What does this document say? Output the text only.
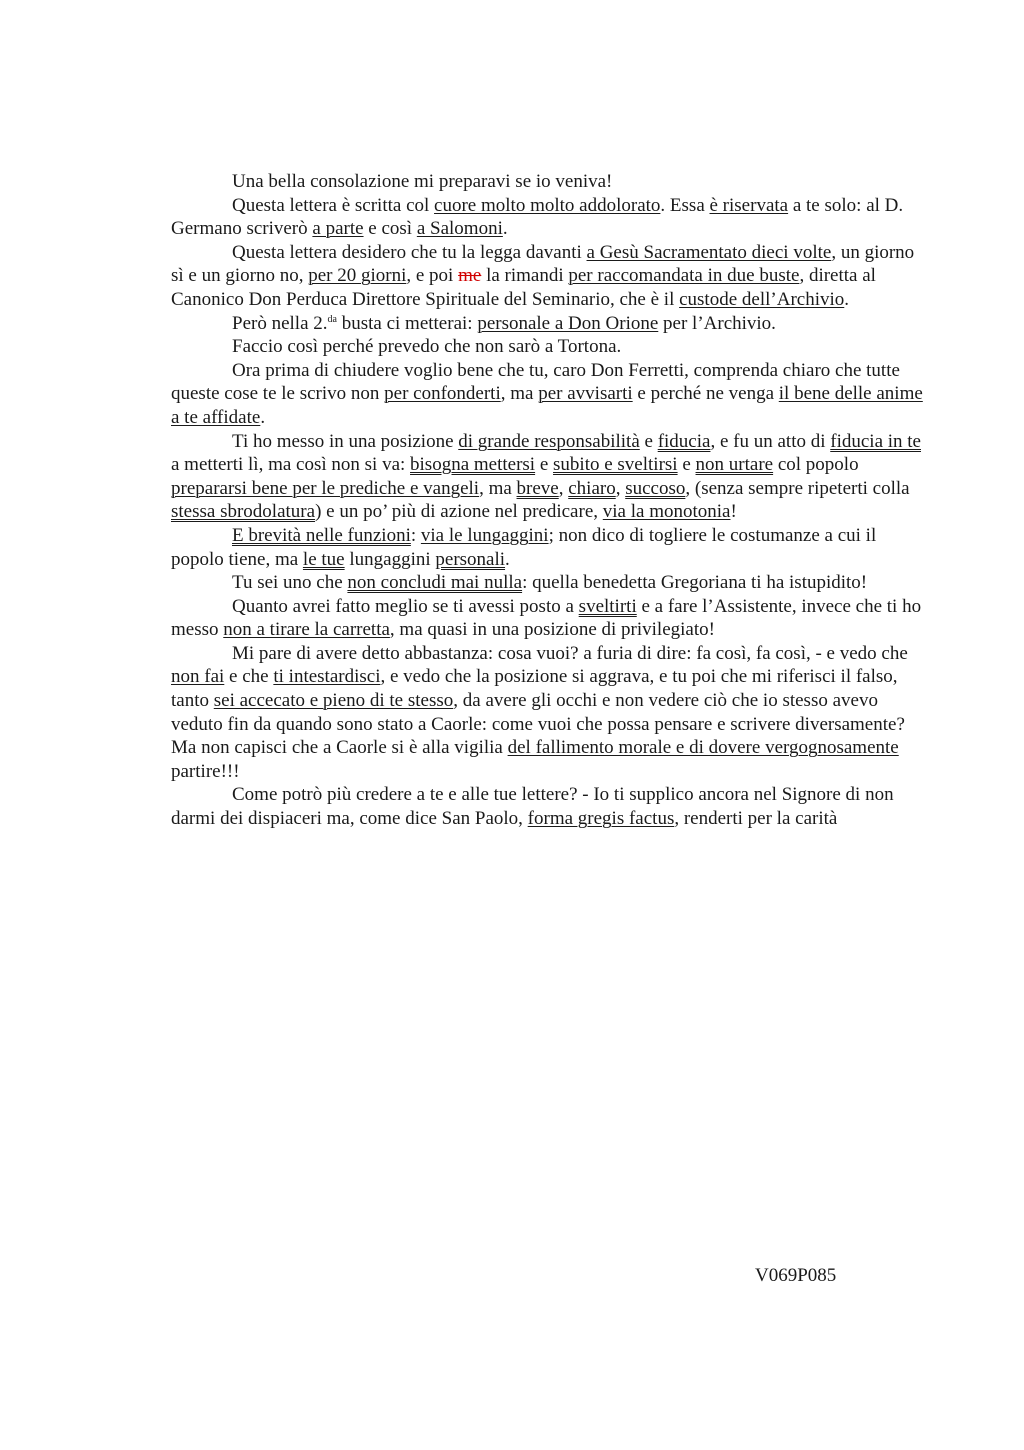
Una bella consolazione mi preparavi se io veniva!

Questa lettera è scritta col cuore molto molto addolorato. Essa è riservata a te solo: al D. Germano scriverò a parte e così a Salomoni.

Questa lettera desidero che tu la legga davanti a Gesù Sacramentato dieci volte, un giorno sì e un giorno no, per 20 giorni, e poi me la rimandi per raccomandata in due buste, diretta al Canonico Don Perduca Direttore Spirituale del Seminario, che è il custode dell’Archivio.

Però nella 2.$^{da}$ busta ci metterai: personale a Don Orione per l’Archivio.

Faccio così perché prevedo che non sarò a Tortona.

Ora prima di chiudere voglio bene che tu, caro Don Ferretti, comprenda chiaro che tutte queste cose te le scrivo non per confonderti, ma per avvisarti e perché ne venga il bene delle anime a te affidate.

Ti ho messo in una posizione di grande responsabilità e fiducia, e fu un atto di fiducia in te a metterti lì, ma così non si va: bisogna mettersi e subito e sveltirsi e non urtare col popolo prepararsi bene per le prediche e vangeli, ma breve, chiaro, succoso, (senza sempre ripeterti colla stessa sbrodolatura) e un po’ più di azione nel predicare, via la monotonia!

E brevità nelle funzioni: via le lungaggini; non dico di togliere le costumanze a cui il popolo tiene, ma le tue lungaggini personali.

Tu sei uno che non concludi mai nulla: quella benedetta Gregoriana ti ha istupidito!

Quanto avrei fatto meglio se ti avessi posto a sveltirti e a fare l’Assistente, invece che ti ho messo non a tirare la carretta, ma quasi in una posizione di privilegiato!

Mi pare di avere detto abbastanza: cosa vuoi? a furia di dire: fa così, fa così, - e vedo che non fai e che ti intestardisci, e vedo che la posizione si aggrava, e tu poi che mi riferisci il falso, tanto sei accecato e pieno di te stesso, da avere gli occhi e non vedere ciò che io stesso avevo veduto fin da quando sono stato a Caorle: come vuoi che possa pensare e scrivere diversamente? Ma non capisci che a Caorle si è alla vigilia del fallimento morale e di dovere vergognosamente partire!!!

Come potrò più credere a te e alle tue lettere? - Io ti supplico ancora nel Signore di non darmi dei dispiaceri ma, come dice San Paolo, forma gregis factus, renderti per la carità

V069P085
